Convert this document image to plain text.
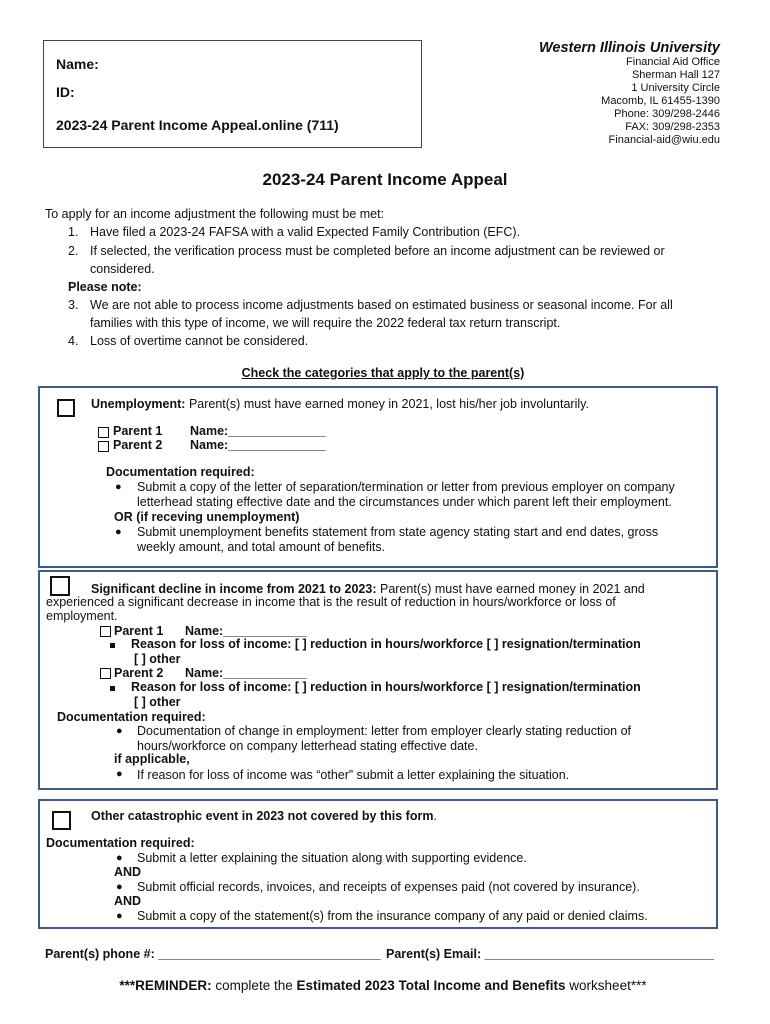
Name:
ID:
2023-24 Parent Income Appeal.online (711)
Western Illinois University
Financial Aid Office
Sherman Hall 127
1 University Circle
Macomb, IL 61455-1390
Phone: 309/298-2446
FAX: 309/298-2353
Financial-aid@wiu.edu
2023-24 Parent Income Appeal
To apply for an income adjustment the following must be met:
1. Have filed a 2023-24 FAFSA with a valid Expected Family Contribution (EFC).
2. If selected, the verification process must be completed before an income adjustment can be reviewed or
considered.
Please note:
3. We are not able to process income adjustments based on estimated business or seasonal income. For all
families with this type of income, we will require the 2022 federal tax return transcript.
4. Loss of overtime cannot be considered.
Check the categories that apply to the parent(s)
Unemployment: Parent(s) must have earned money in 2021, lost his/her job involuntarily.
Parent 1 Name:______________
Parent 2 Name:______________
Documentation required:
● Submit a copy of the letter of separation/termination or letter from previous employer on company
letterhead stating effective date and the circumstances under which parent left their employment.
OR (if receving unemployment)
● Submit unemployment benefits statement from state agency stating start and end dates, gross
weekly amount, and total amount of benefits.
Significant decline in income from 2021 to 2023: Parent(s) must have earned money in 2021 and
experienced a significant decrease in income that is the result of reduction in hours/workforce or loss of
employment.
Parent 1 Name:____________
Reason for loss of income: [ ] reduction in hours/workforce [ ] resignation/termination
[ ] other
Parent 2 Name:____________
Reason for loss of income: [ ] reduction in hours/workforce [ ] resignation/termination
[ ] other
Documentation required:
● Documentation of change in employment: letter from employer clearly stating reduction of
hours/workforce on company letterhead stating effective date.
if applicable,
● If reason for loss of income was “other” submit a letter explaining the situation.
Other catastrophic event in 2023 not covered by this form.
Documentation required:
● Submit a letter explaining the situation along with supporting evidence.
AND
● Submit official records, invoices, and receipts of expenses paid (not covered by insurance).
AND
● Submit a copy of the statement(s) from the insurance company of any paid or denied claims.
Parent(s) phone #: ________________________________ Parent(s) Email: _________________________________
***REMINDER: complete the Estimated 2023 Total Income and Benefits worksheet***
